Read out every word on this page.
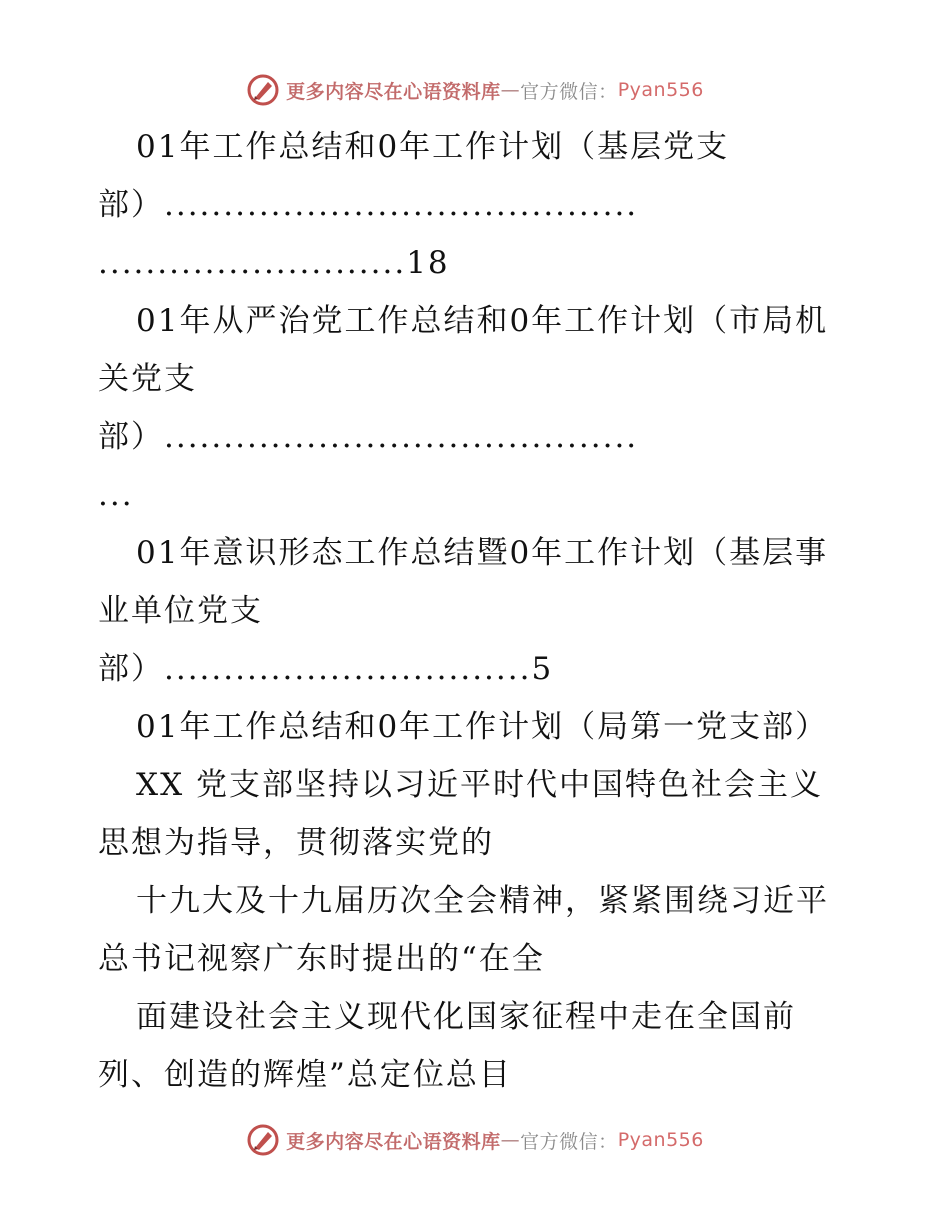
更多内容尽在心语资料库 — 官方微信： Pyan556
01年工作总结和0年工作计划（基层党支
部）........................................
..........................18
01年从严治党工作总结和0年工作计划（市局机
关党支
部）........................................
...
01年意识形态工作总结暨0年工作计划（基层事
业单位党支
部）...............................5
01年工作总结和0年工作计划（局第一党支部）
XX 党支部坚持以习近平时代中国特色社会主义
思想为指导，贯彻落实党的
十九大及十九届历次全会精神，紧紧围绕习近平
总书记视察广东时提出的“在全
面建设社会主义现代化国家征程中走在全国前
列、创造的辉煌”总定位总目
更多内容尽在心语资料库 — 官方微信： Pyan556
